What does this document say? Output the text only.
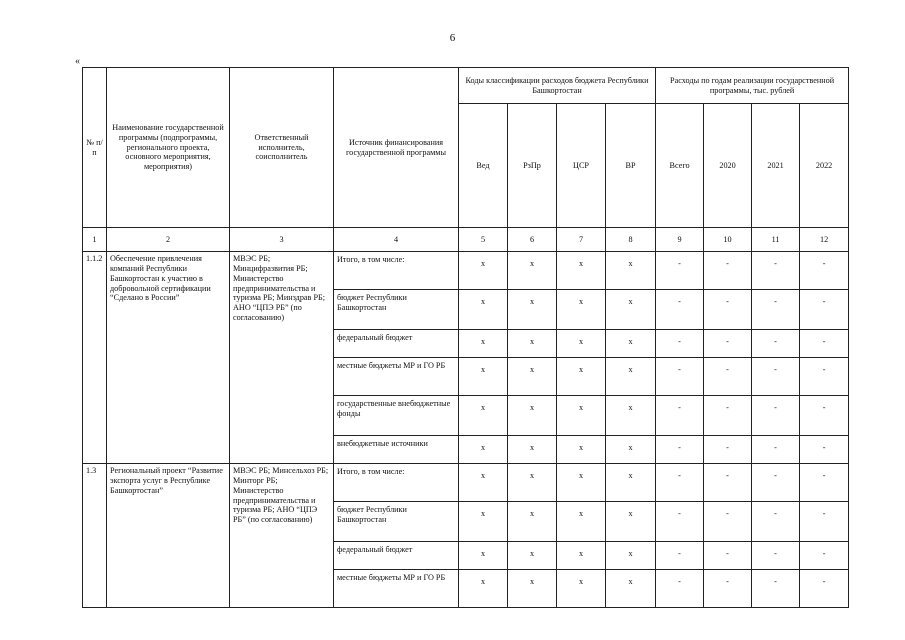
6
«
№ п/п	Наименование государственной программы (подпрограммы, регионального проекта, основного мероприятия, мероприятия)	Ответственный исполнитель, соисполнитель	Источник финансирования государственной программы	Коды классификации расходов бюджета Республики Башкортостан				Расходы по годам реализации государственной программы, тыс. рублей			
				Вед	РзПр	ЦСР	ВР	Всего	2020	2021	2022
1	2	3	4	5	6	7	8	9	10	11	12
1.1.2	Обеспечение привлечения компаний Республики Башкортостан к участию в добровольной сертификации “Сделано в России”	МВЭС РБ; Минцифразвития РБ; Министерство предпринимательства и туризма РБ; Минздрав РБ; АНО “ЦПЭ РБ” (по согласованию)	Итого, в том числе:	х	х	х	х	-	-	-	-
			бюджет Республики Башкортостан	х	х	х	х	-	-	-	-
			федеральный бюджет	х	х	х	х	-	-	-	-
			местные бюджеты МР и ГО РБ	х	х	х	х	-	-	-	-
			государственные внебюджетные фонды	х	х	х	х	-	-	-	-
			внебюджетные источники	х	х	х	х	-	-	-	-
1.3	Региональный проект “Развитие экспорта услуг в Республике Башкортостан”	МВЭС РБ; Минсельхоз РБ; Минторг РБ; Министерство предпринимательства и туризма РБ; АНО “ЦПЭ РБ” (по согласованию)	Итого, в том числе:	х	х	х	х	-	-	-	-
			бюджет Республики Башкортостан	х	х	х	х	-	-	-	-
			федеральный бюджет	х	х	х	х	-	-	-	-
			местные бюджеты МР и ГО РБ	х	х	х	х	-	-	-	-
